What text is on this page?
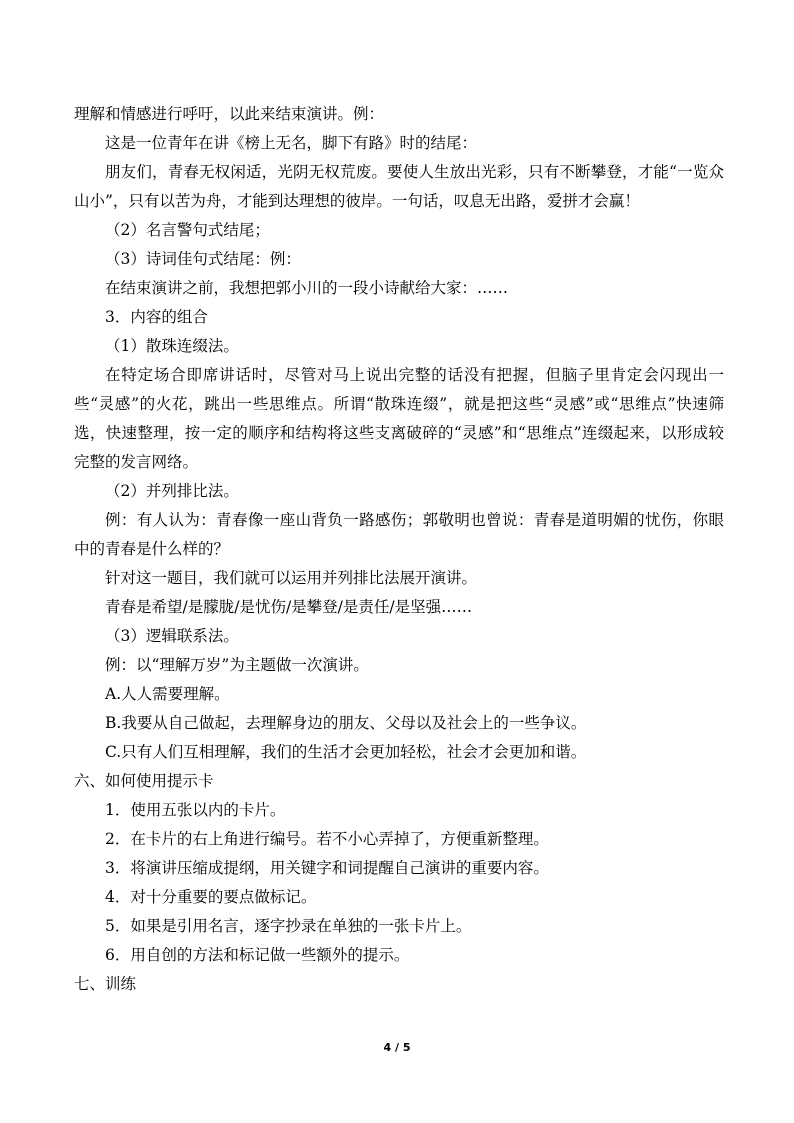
理解和情感进行呼吁，以此来结束演讲。例：

这是一位青年在讲《榜上无名，脚下有路》时的结尾：

朋友们，青春无权闲适，光阴无权荒废。要使人生放出光彩，只有不断攀登，才能“一览众山小”，只有以苦为舟，才能到达理想的彼岸。一句话，叹息无出路，爱拼才会赢！

（2）名言警句式结尾；

（3）诗词佳句式结尾：例：

在结束演讲之前，我想把郭小川的一段小诗献给大家：……

3．内容的组合

（1）散珠连缀法。

在特定场合即席讲话时，尽管对马上说出完整的话没有把握，但脑子里肯定会闪现出一些“灵感”的火花，跳出一些思维点。所谓“散珠连缀”，就是把这些“灵感”或“思维点”快速筛选，快速整理，按一定的顺序和结构将这些支离破碎的“灵感”和“思维点”连缀起来，以形成较完整的发言网络。

（2）并列排比法。

例：有人认为：青春像一座山背负一路感伤；郭敬明也曾说：青春是道明媚的忧伤，你眼中的青春是什么样的？

针对这一题目，我们就可以运用并列排比法展开演讲。

青春是希望/是朦胧/是忧伤/是攀登/是责任/是坚强……

（3）逻辑联系法。

例：以“理解万岁”为主题做一次演讲。

A.人人需要理解。

B.我要从自己做起，去理解身边的朋友、父母以及社会上的一些争议。

C.只有人们互相理解，我们的生活才会更加轻松，社会才会更加和谐。

六、如何使用提示卡

1．使用五张以内的卡片。

2．在卡片的右上角进行编号。若不小心弄掉了，方便重新整理。

3．将演讲压缩成提纲，用关键字和词提醒自己演讲的重要内容。

4．对十分重要的要点做标记。

5．如果是引用名言，逐字抄录在单独的一张卡片上。

6．用自创的方法和标记做一些额外的提示。

七、训练

4 / 5
